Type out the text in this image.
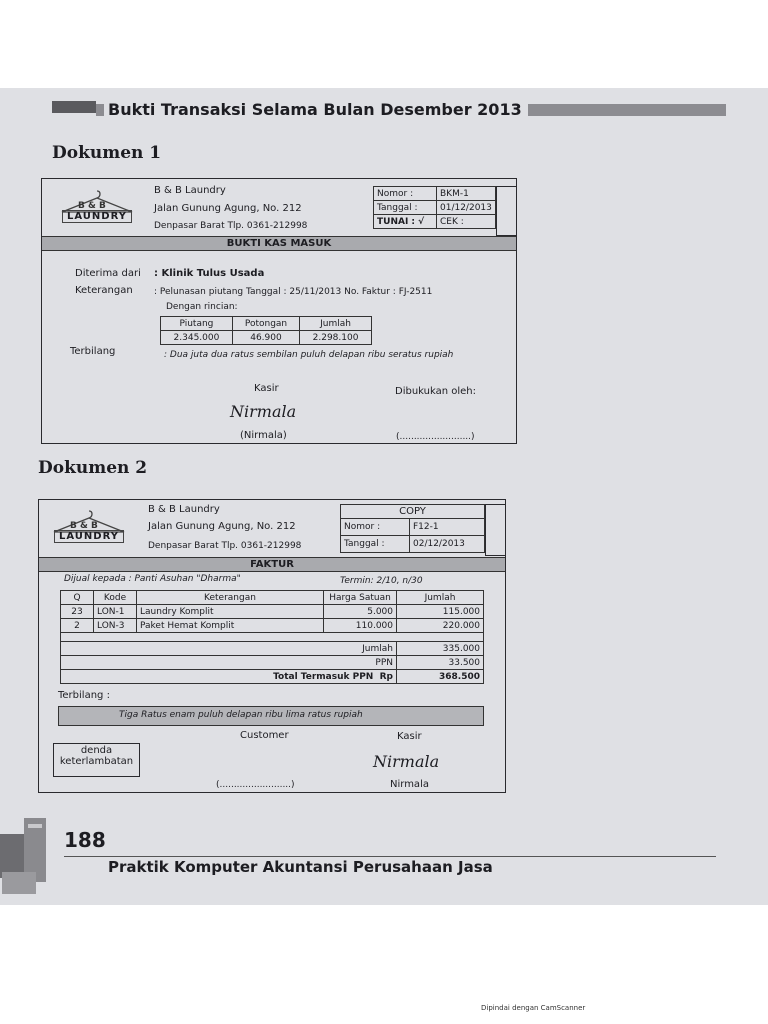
Bukti Transaksi Selama Bulan Desember 2013
Dokumen 1
B & B
LAUNDRY
B & B Laundry
Jalan Gunung Agung, No. 212
Denpasar Barat Tlp. 0361-212998
Nomor :	BKM-1
Tanggal :	01/12/2013
TUNAI : √	CEK :
BUKTI KAS MASUK
Diterima dari : Klinik Tulus Usada
Keterangan : Pelunasan piutang Tanggal : 25/11/2013 No. Faktur : FJ-2511
Dengan rincian:
Piutang	Potongan	Jumlah
2.345.000	46.900	2.298.100
Terbilang	: Dua juta dua ratus sembilan puluh delapan ribu seratus rupiah
Kasir	Dibukukan oleh:
Nirmala
(Nirmala)	(.........................)
Dokumen 2
B & B
LAUNDRY
B & B Laundry
Jalan Gunung Agung, No. 212
Denpasar Barat Tlp. 0361-212998
COPY	
Nomor :	F12-1
Tanggal :	02/12/2013
FAKTUR
Dijual kepada : Panti Asuhan "Dharma"	Termin: 2/10, n/30
Q	Kode	Keterangan	Harga Satuan	Jumlah
23	LON-1	Laundry Komplit	5.000	115.000
2	LON-3	Paket Hemat Komplit	110.000	220.000

Jumlah				335.000
PPN				33.500
Total Termasuk PPN Rp				368.500
Terbilang :
Tiga Ratus enam puluh delapan ribu lima ratus rupiah
Customer	Kasir
denda
keterlambatan	Nirmala
(.........................)	Nirmala
188
Praktik Komputer Akuntansi Perusahaan Jasa
Dipindai dengan CamScanner
